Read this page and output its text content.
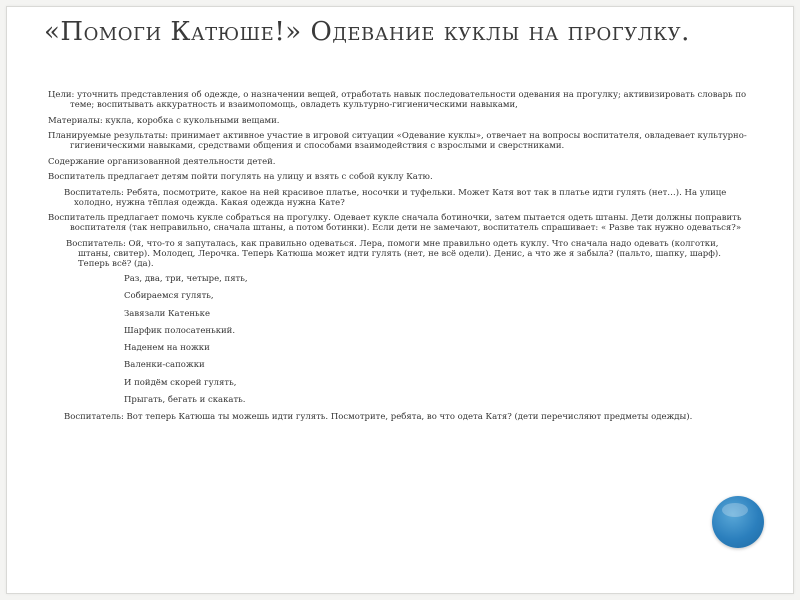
«Помоги Катюше!» Одевание куклы на прогулку.

Цели: уточнить представления об одежде, о назначении вещей, отработать навык последовательности одевания на прогулку; активизировать словарь по теме; воспитывать аккуратность и взаимопомощь, овладеть культурно-гигиеническими навыками,

Материалы: кукла, коробка с кукольными вещами.

Планируемые результаты: принимает активное участие в игровой ситуации «Одевание куклы», отвечает на вопросы воспитателя, овладевает культурно-гигиеническими навыками, средствами общения и способами взаимодействия с взрослыми и сверстниками.

Содержание организованной деятельности детей.

Воспитатель предлагает детям пойти погулять на улицу и взять с собой куклу Катю.

Воспитатель: Ребята, посмотрите, какое на ней красивое платье, носочки и туфельки. Может Катя вот так в платье идти гулять (нет…). На улице холодно, нужна тёплая одежда. Какая одежда нужна Кате?

Воспитатель предлагает помочь кукле собраться на прогулку. Одевает кукле сначала ботиночки, затем пытается одеть штаны. Дети должны поправить воспитателя (так неправильно, сначала штаны, а потом ботинки). Если дети не замечают, воспитатель спрашивает: « Разве так нужно одеваться?»

Воспитатель: Ой, что-то я запуталась, как правильно одеваться. Лера, помоги мне правильно одеть куклу. Что сначала надо одевать (колготки, штаны, свитер). Молодец, Лерочка. Теперь Катюша может идти гулять (нет, не всё одели). Денис, а что же я забыла? (пальто, шапку, шарф). Теперь всё? (да).

Раз, два, три, четыре, пять,

Собираемся гулять,

Завязали Катеньке

Шарфик полосатенький.

Наденем на ножки

Валенки-сапожки

И пойдём скорей гулять,

Прыгать, бегать и скакать.

Воспитатель: Вот теперь Катюша ты можешь идти гулять. Посмотрите, ребята, во что одета Катя? (дети перечисляют предметы одежды).
